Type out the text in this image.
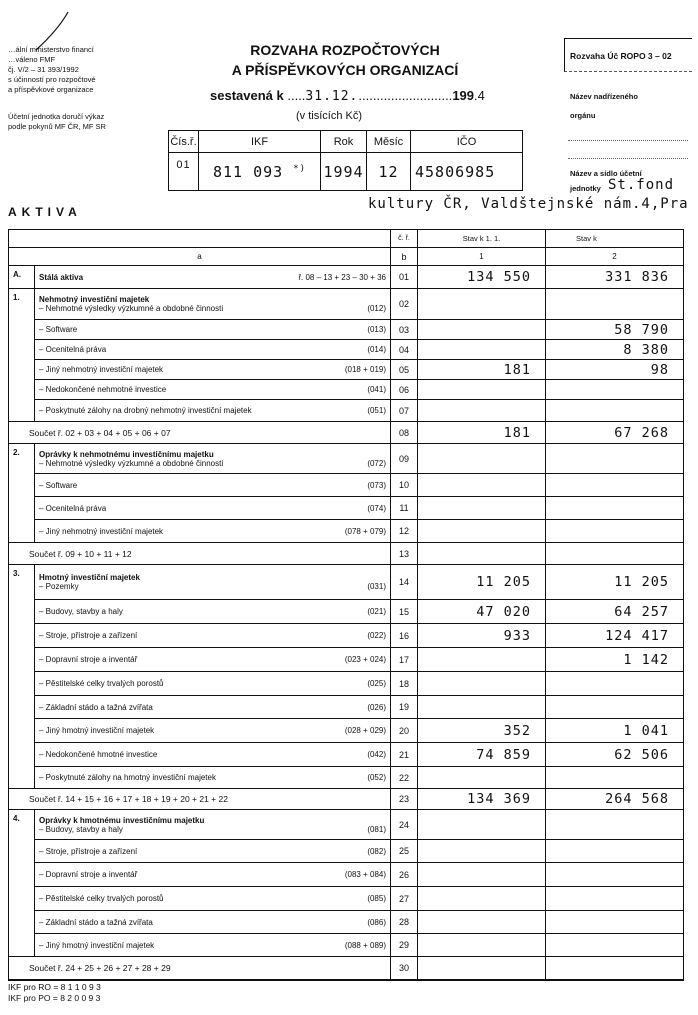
…ální ministerstvo financí
…váleno FMF
čj. V/2 – 31 393/1992
s účinností pro rozpočtové
a příspěvkové organizace
Účetní jednotka doručí výkaz
podle pokynů MF ČR, MF SR
ROZVAHA ROZPOČTOVÝCH
A PŘÍSPĚVKOVÝCH ORGANIZACÍ
sestavená k .....31.12...........................199.4
(v tisících Kč)
Čís.ř.	IKF	Rok	Měsíc	IČO
01	811 093 *)	1994	12	45806985
Rozvaha Úč ROPO 3 – 02
Název nadřízeného
orgánu
Název a sídlo účetní
jednotky St.fond
kultury ČR, Valdštejnské nám.4,Pra
AKTIVA
		č. ř.	Stav k 1. 1.	Stav k
a		b	1	2
A.	Stálá aktiva ř. 08 – 13 + 23 – 30 + 36	01	134 550	331 836
1.	Nehmotný investiční majetek
– Nehmotné výsledky výzkumné a obdobné činnosti (012)	02		

	– Software (013)	03		58 790

	– Ocenitelná práva (014)	04		8 380

	– Jiný nehmotný investiční majetek (018 + 019)	05	181	98

	– Nedokončené nehmotné investice (041)	06		

	– Poskytnuté zálohy na drobný nehmotný investiční majetek (051)	07		
Součet ř. 02 + 03 + 04 + 05 + 06 + 07		08	181	67 268
2.	Oprávky k nehmotnému investičnímu majetku
– Nehmotné výsledky výzkumné a obdobné činnosti (072)	09		

	– Software (073)	10		

	– Ocenitelná práva (074)	11		

	– Jiný nehmotný investiční majetek (078 + 079)	12		
Součet ř. 09 + 10 + 11 + 12		13		
3.	Hmotný investiční majetek
– Pozemky (031)	14	11 205	11 205

	– Budovy, stavby a haly (021)	15	47 020	64 257

	– Stroje, přístroje a zařízení (022)	16	933	124 417

	– Dopravní stroje a inventář (023 + 024)	17		1 142

	– Pěstitelské celky trvalých porostů (025)	18		

	– Základní stádo a tažná zvířata (026)	19		

	– Jiný hmotný investiční majetek (028 + 029)	20	352	1 041

	– Nedokončené hmotné investice (042)	21	74 859	62 506

	– Poskytnuté zálohy na hmotný investiční majetek (052)	22		
Součet ř. 14 + 15 + 16 + 17 + 18 + 19 + 20 + 21 + 22		23	134 369	264 568
4.	Oprávky k hmotnému investičnímu majetku
– Budovy, stavby a haly (081)	24		

	– Stroje, přístroje a zařízení (082)	25		

	– Dopravní stroje a inventář (083 + 084)	26		

	– Pěstitelské celky trvalých porostů (085)	27		

	– Základní stádo a tažná zvířata (086)	28		

	– Jiný hmotný investiční majetek (088 + 089)	29		
Součet ř. 24 + 25 + 26 + 27 + 28 + 29		30		
IKF pro RO = 8 1 1 0 9 3
IKF pro PO = 8 2 0 0 9 3
